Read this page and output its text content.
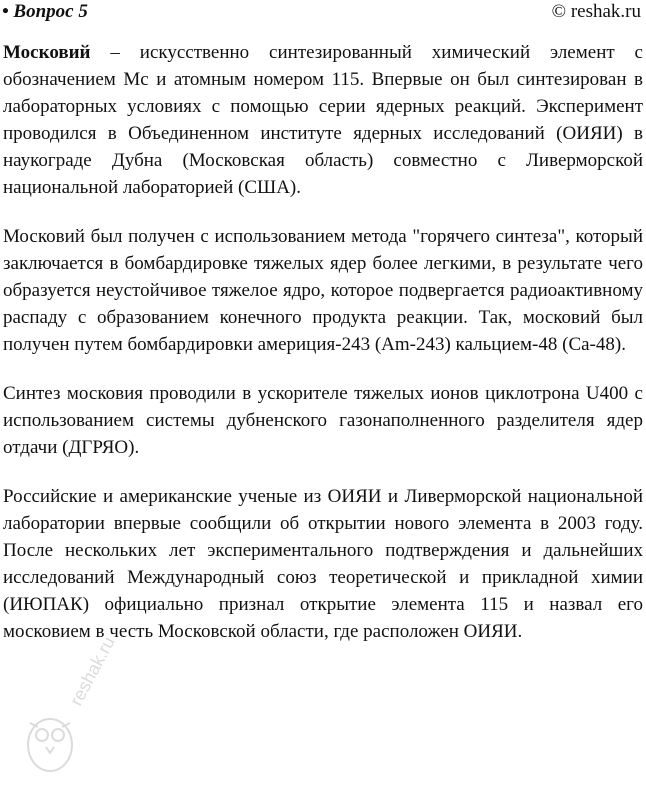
• Вопрос 5	© reshak.ru

Московий – искусственно синтезированный химический элемент с обозначением Mc и атомным номером 115. Впервые он был синтезирован в лабораторных условиях с помощью серии ядерных реакций. Эксперимент проводился в Объединенном институте ядерных исследований (ОИЯИ) в наукограде Дубна (Московская область) совместно с Ливерморской национальной лабораторией (США).

Московий был получен с использованием метода "горячего синтеза", который заключается в бомбардировке тяжелых ядер более легкими, в результате чего образуется неустойчивое тяжелое ядро, которое подвергается радиоактивному распаду с образованием конечного продукта реакции. Так, московий был получен путем бомбардировки америция-243 (Am-243) кальцием-48 (Ca-48).

Синтез московия проводили в ускорителе тяжелых ионов циклотрона U400 с использованием системы дубненского газонаполненного разделителя ядер отдачи (ДГРЯО).

Российские и американские ученые из ОИЯИ и Ливерморской национальной лаборатории впервые сообщили об открытии нового элемента в 2003 году. После нескольких лет экспериментального подтверждения и дальнейших исследований Международный союз теоретической и прикладной химии (ИЮПАК) официально признал открытие элемента 115 и назвал его московием в честь Московской области, где расположен ОИЯИ.

reshak.ru
